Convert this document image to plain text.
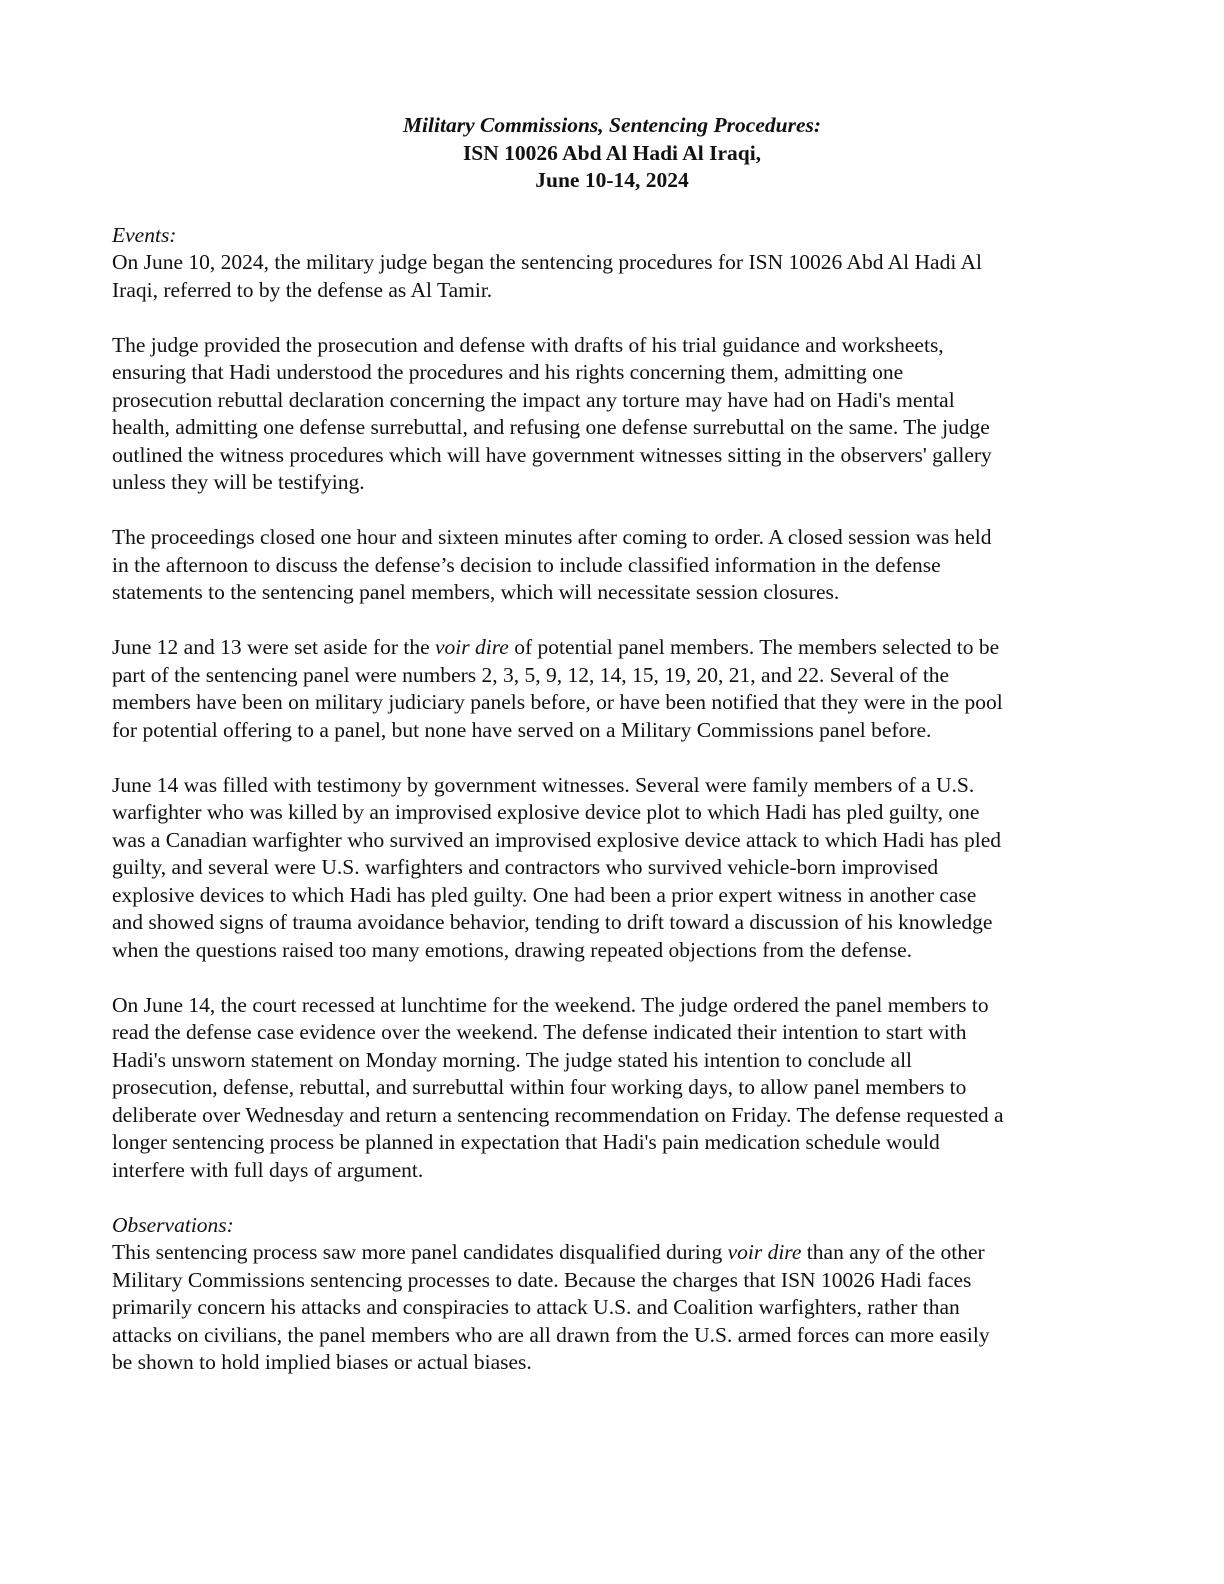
Military Commissions, Sentencing Procedures:
ISN 10026 Abd Al Hadi Al Iraqi,
June 10-14, 2024
Events:
On June 10, 2024, the military judge began the sentencing procedures for ISN 10026 Abd Al Hadi Al
Iraqi, referred to by the defense as Al Tamir.
The judge provided the prosecution and defense with drafts of his trial guidance and worksheets,
ensuring that Hadi understood the procedures and his rights concerning them, admitting one
prosecution rebuttal declaration concerning the impact any torture may have had on Hadi's mental
health, admitting one defense surrebuttal, and refusing one defense surrebuttal on the same. The judge
outlined the witness procedures which will have government witnesses sitting in the observers' gallery
unless they will be testifying.
The proceedings closed one hour and sixteen minutes after coming to order. A closed session was held
in the afternoon to discuss the defense’s decision to include classified information in the defense
statements to the sentencing panel members, which will necessitate session closures.
June 12 and 13 were set aside for the voir dire of potential panel members. The members selected to be
part of the sentencing panel were numbers 2, 3, 5, 9, 12, 14, 15, 19, 20, 21, and 22. Several of the
members have been on military judiciary panels before, or have been notified that they were in the pool
for potential offering to a panel, but none have served on a Military Commissions panel before.
June 14 was filled with testimony by government witnesses. Several were family members of a U.S.
warfighter who was killed by an improvised explosive device plot to which Hadi has pled guilty, one
was a Canadian warfighter who survived an improvised explosive device attack to which Hadi has pled
guilty, and several were U.S. warfighters and contractors who survived vehicle-born improvised
explosive devices to which Hadi has pled guilty. One had been a prior expert witness in another case
and showed signs of trauma avoidance behavior, tending to drift toward a discussion of his knowledge
when the questions raised too many emotions, drawing repeated objections from the defense.
On June 14, the court recessed at lunchtime for the weekend. The judge ordered the panel members to
read the defense case evidence over the weekend. The defense indicated their intention to start with
Hadi's unsworn statement on Monday morning. The judge stated his intention to conclude all
prosecution, defense, rebuttal, and surrebuttal within four working days, to allow panel members to
deliberate over Wednesday and return a sentencing recommendation on Friday. The defense requested a
longer sentencing process be planned in expectation that Hadi's pain medication schedule would
interfere with full days of argument.
Observations:
This sentencing process saw more panel candidates disqualified during voir dire than any of the other
Military Commissions sentencing processes to date. Because the charges that ISN 10026 Hadi faces
primarily concern his attacks and conspiracies to attack U.S. and Coalition warfighters, rather than
attacks on civilians, the panel members who are all drawn from the U.S. armed forces can more easily
be shown to hold implied biases or actual biases.
